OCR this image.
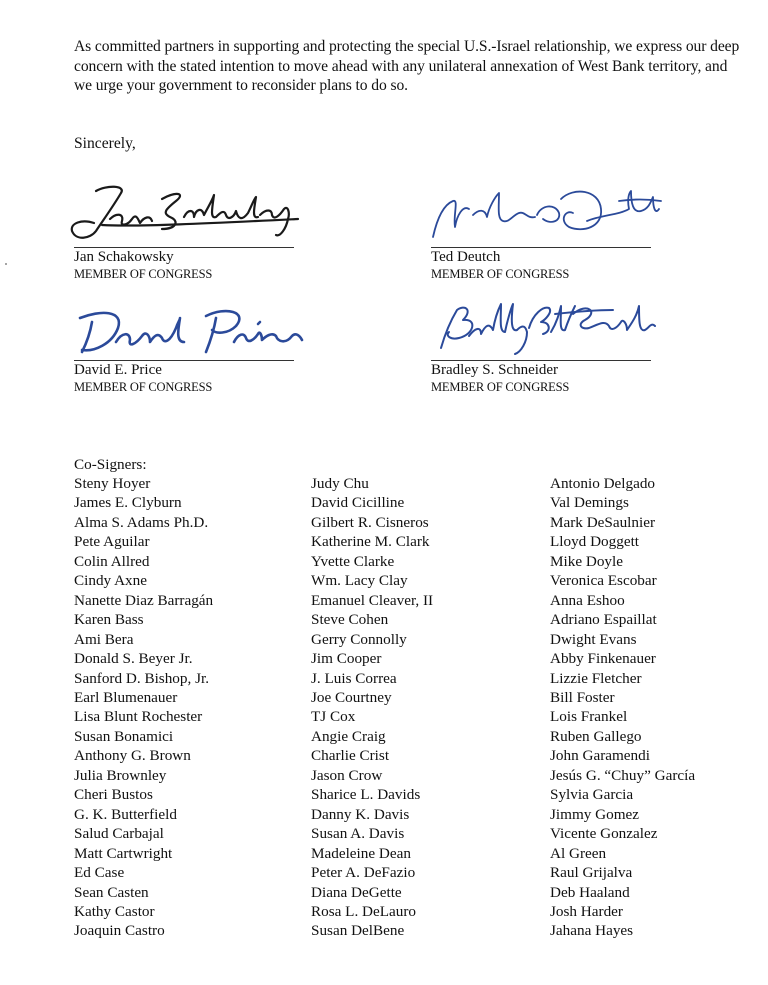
As committed partners in supporting and protecting the special U.S.-Israel relationship, we express our deep concern with the stated intention to move ahead with any unilateral annexation of West Bank territory, and we urge your government to reconsider plans to do so.

Sincerely,
Jan Schakowsky
MEMBER OF CONGRESS
Ted Deutch
MEMBER OF CONGRESS
David E. Price
MEMBER OF CONGRESS
Bradley S. Schneider
MEMBER OF CONGRESS
Co-Signers:
Steny Hoyer
James E. Clyburn
Alma S. Adams Ph.D.
Pete Aguilar
Colin Allred
Cindy Axne
Nanette Diaz Barragán
Karen Bass
Ami Bera
Donald S. Beyer Jr.
Sanford D. Bishop, Jr.
Earl Blumenauer
Lisa Blunt Rochester
Susan Bonamici
Anthony G. Brown
Julia Brownley
Cheri Bustos
G. K. Butterfield
Salud Carbajal
Matt Cartwright
Ed Case
Sean Casten
Kathy Castor
Joaquin Castro
Judy Chu
David Cicilline
Gilbert R. Cisneros
Katherine M. Clark
Yvette Clarke
Wm. Lacy Clay
Emanuel Cleaver, II
Steve Cohen
Gerry Connolly
Jim Cooper
J. Luis Correa
Joe Courtney
TJ Cox
Angie Craig
Charlie Crist
Jason Crow
Sharice L. Davids
Danny K. Davis
Susan A. Davis
Madeleine Dean
Peter A. DeFazio
Diana DeGette
Rosa L. DeLauro
Susan DelBene
Antonio Delgado
Val Demings
Mark DeSaulnier
Lloyd Doggett
Mike Doyle
Veronica Escobar
Anna Eshoo
Adriano Espaillat
Dwight Evans
Abby Finkenauer
Lizzie Fletcher
Bill Foster
Lois Frankel
Ruben Gallego
John Garamendi
Jesús G. “Chuy” García
Sylvia Garcia
Jimmy Gomez
Vicente Gonzalez
Al Green
Raul Grijalva
Deb Haaland
Josh Harder
Jahana Hayes
